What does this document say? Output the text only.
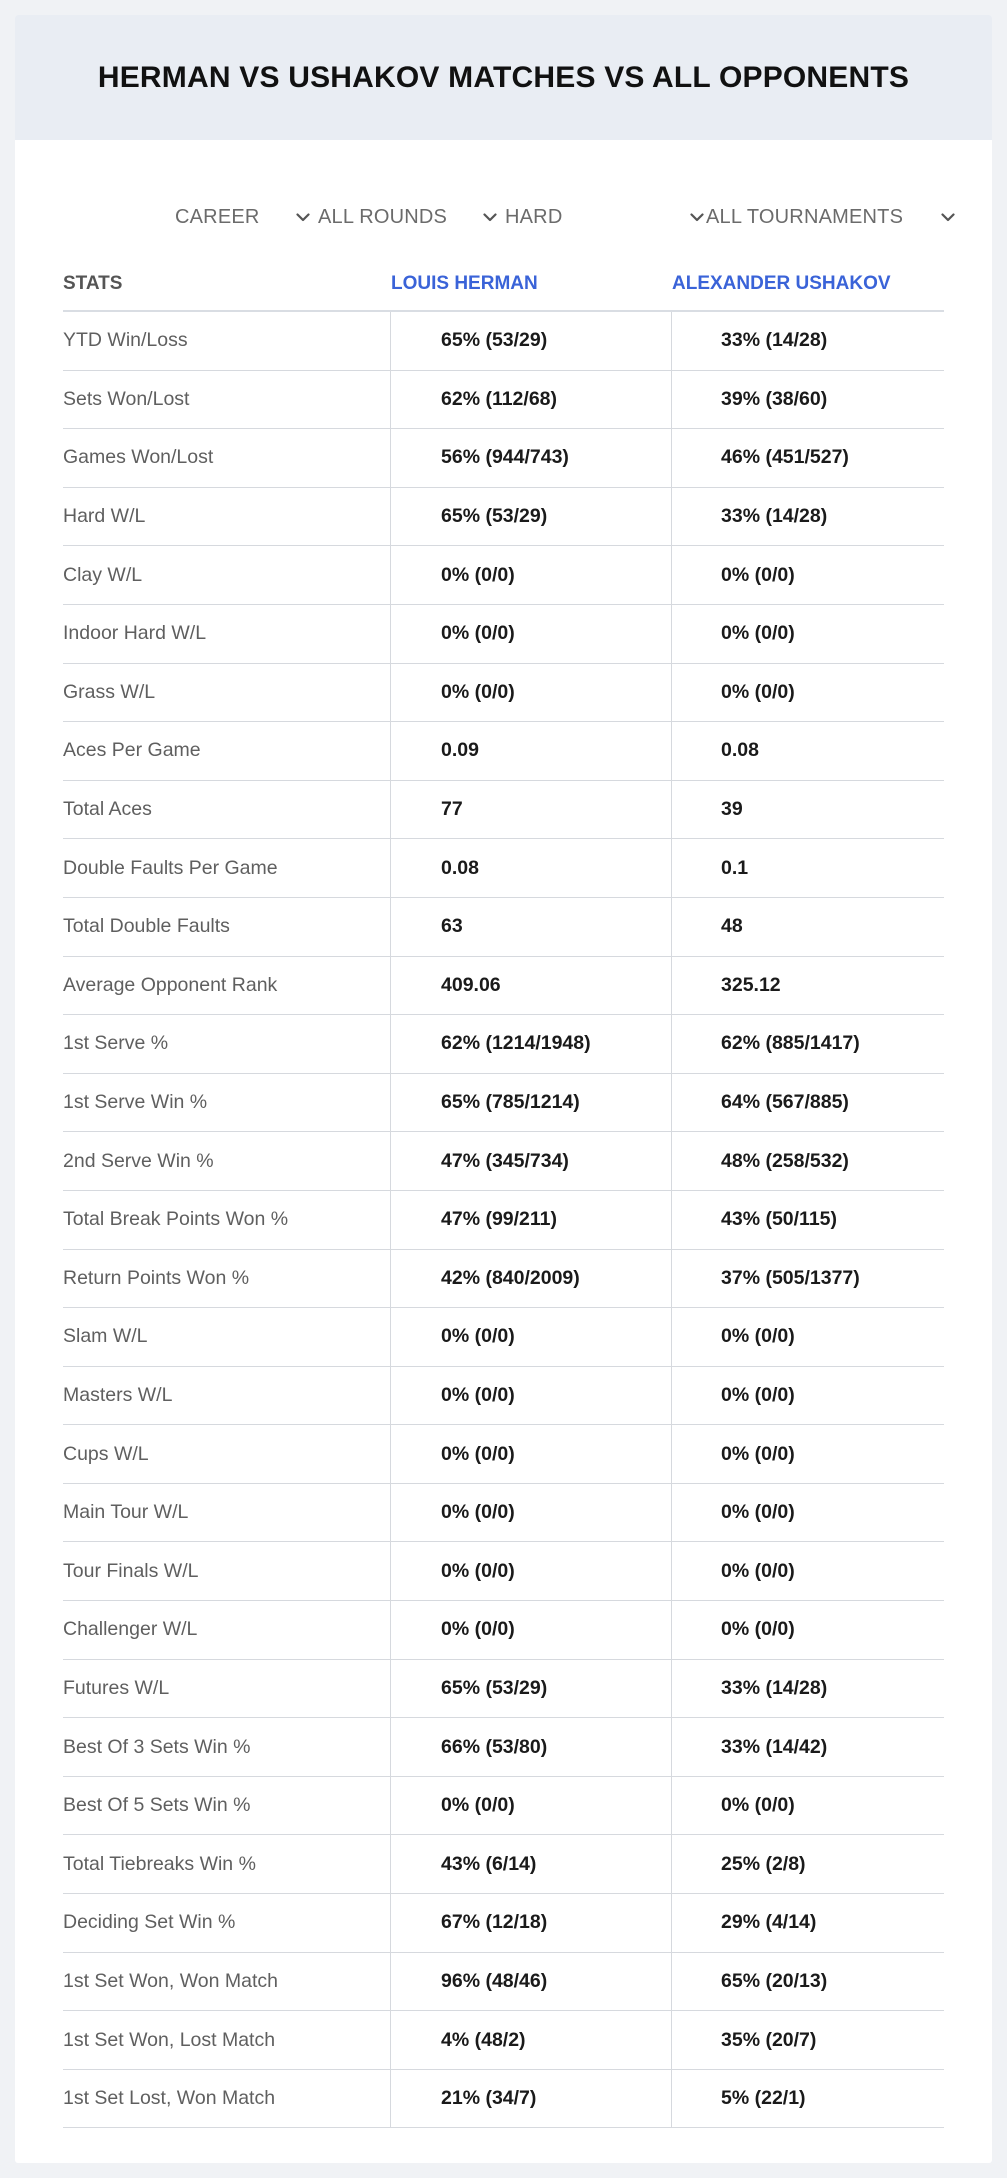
HERMAN VS USHAKOV MATCHES VS ALL OPPONENTS
CAREER	ALL ROUNDS	HARD	ALL TOURNAMENTS
STATS	LOUIS HERMAN	ALEXANDER USHAKOV
YTD Win/Loss	65% (53/29)	33% (14/28)
Sets Won/Lost	62% (112/68)	39% (38/60)
Games Won/Lost	56% (944/743)	46% (451/527)
Hard W/L	65% (53/29)	33% (14/28)
Clay W/L	0% (0/0)	0% (0/0)
Indoor Hard W/L	0% (0/0)	0% (0/0)
Grass W/L	0% (0/0)	0% (0/0)
Aces Per Game	0.09	0.08
Total Aces	77	39
Double Faults Per Game	0.08	0.1
Total Double Faults	63	48
Average Opponent Rank	409.06	325.12
1st Serve %	62% (1214/1948)	62% (885/1417)
1st Serve Win %	65% (785/1214)	64% (567/885)
2nd Serve Win %	47% (345/734)	48% (258/532)
Total Break Points Won %	47% (99/211)	43% (50/115)
Return Points Won %	42% (840/2009)	37% (505/1377)
Slam W/L	0% (0/0)	0% (0/0)
Masters W/L	0% (0/0)	0% (0/0)
Cups W/L	0% (0/0)	0% (0/0)
Main Tour W/L	0% (0/0)	0% (0/0)
Tour Finals W/L	0% (0/0)	0% (0/0)
Challenger W/L	0% (0/0)	0% (0/0)
Futures W/L	65% (53/29)	33% (14/28)
Best Of 3 Sets Win %	66% (53/80)	33% (14/42)
Best Of 5 Sets Win %	0% (0/0)	0% (0/0)
Total Tiebreaks Win %	43% (6/14)	25% (2/8)
Deciding Set Win %	67% (12/18)	29% (4/14)
1st Set Won, Won Match	96% (48/46)	65% (20/13)
1st Set Won, Lost Match	4% (48/2)	35% (20/7)
1st Set Lost, Won Match	21% (34/7)	5% (22/1)
